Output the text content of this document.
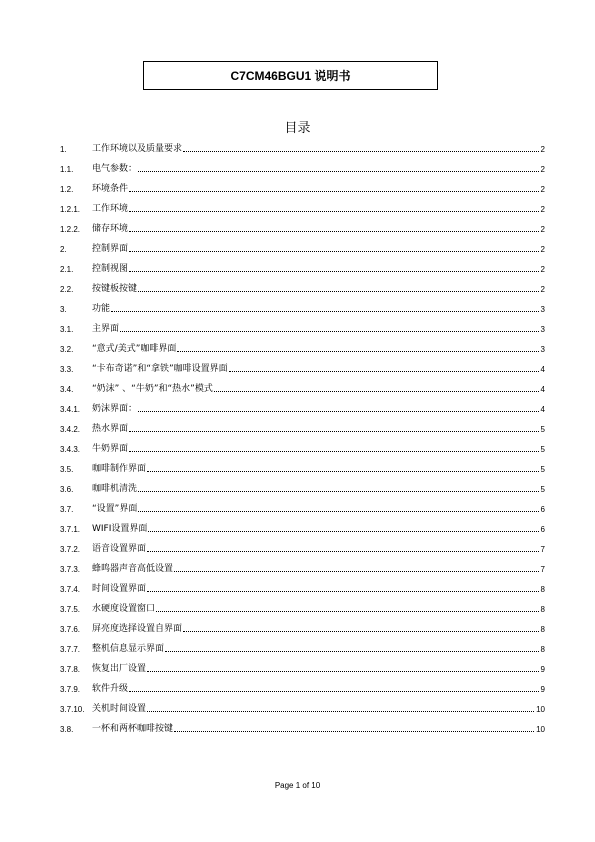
C7CM46BGU1 说明书
目录
1.	工作环境以及质量要求	2
1.1.	电气参数：	2
1.2.	环境条件	2
1.2.1.	工作环境	2
1.2.2.	储存环境	2
2.	控制界面	2
2.1.	控制视图	2
2.2.	按键板按键	2
3.	功能	3
3.1.	主界面	3
3.2.	“意式/美式”咖啡界面	3
3.3.	“卡布奇诺”和“拿铁”咖啡设置界面	4
3.4.	“奶沫” 、“牛奶”和“热水”模式	4
3.4.1.	奶沫界面：	4
3.4.2.	热水界面	5
3.4.3.	牛奶界面	5
3.5.	咖啡制作界面	5
3.6.	咖啡机清洗	5
3.7.	“设置”界面	6
3.7.1.	WIFI设置界面	6
3.7.2.	语音设置界面	7
3.7.3.	蜂鸣器声音高低设置	7
3.7.4.	时间设置界面	8
3.7.5.	水硬度设置窗口	8
3.7.6.	屏亮度选择设置自界面	8
3.7.7.	整机信息显示界面	8
3.7.8.	恢复出厂设置	9
3.7.9.	软件升级	9
3.7.10. 关机时间设置	10
3.8.	一杯和两杯咖啡按键	10
Page 1 of 10
